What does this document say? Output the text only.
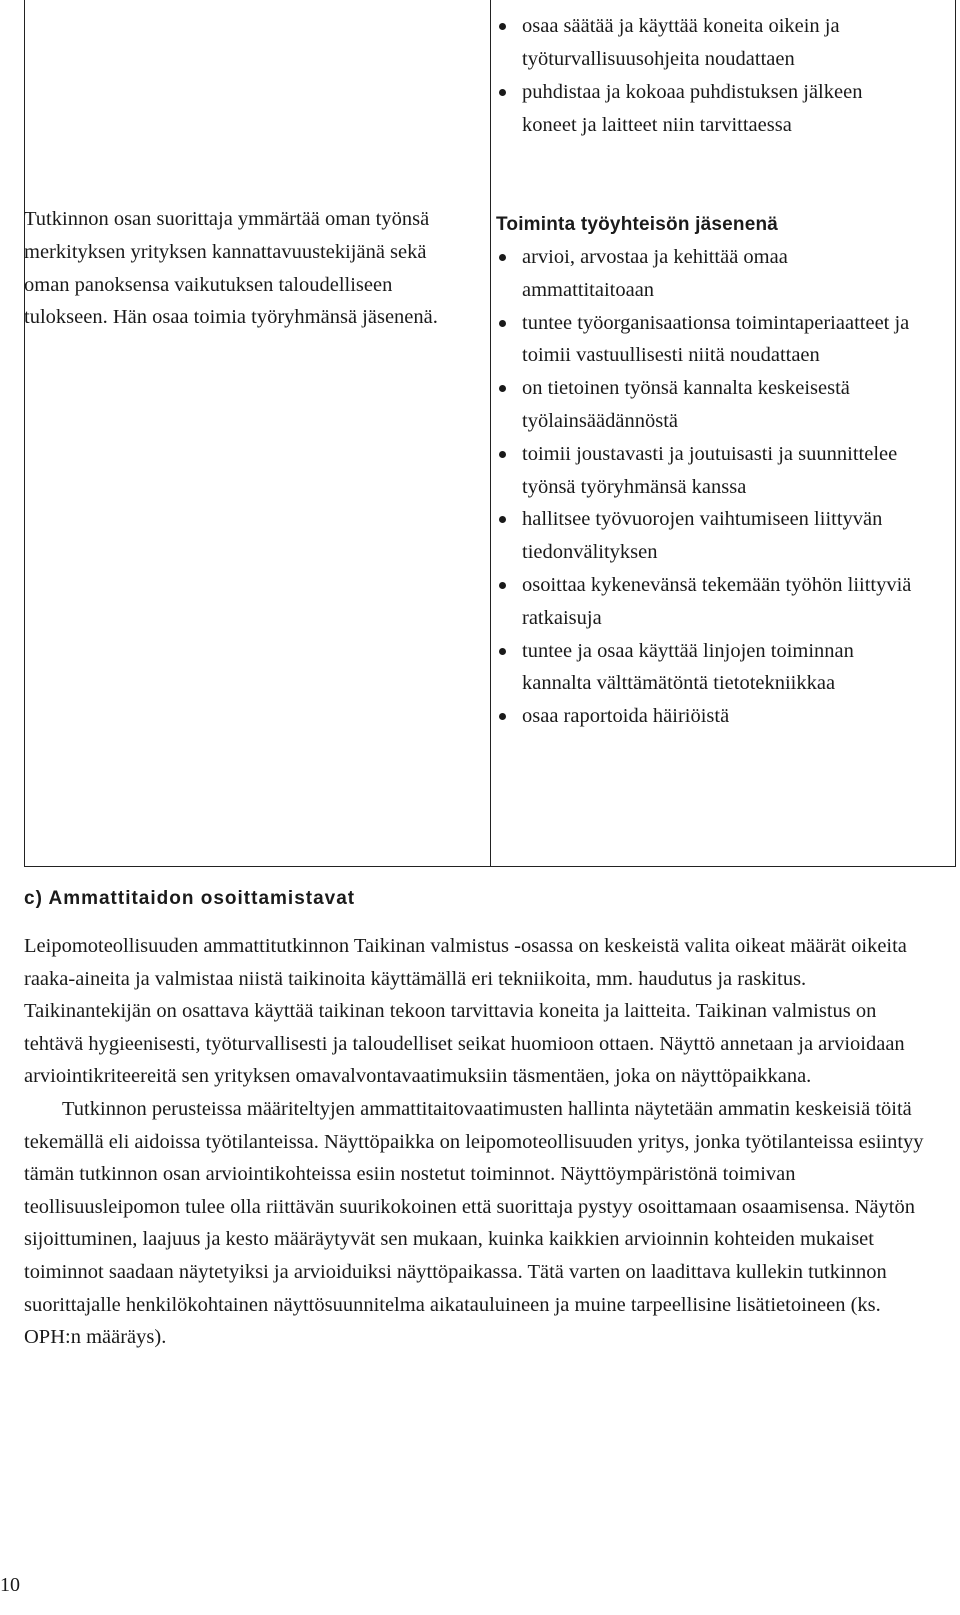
Tutkinnon osan suorittaja ymmärtää oman työnsä merkityksen yrityksen kannattavuustekijänä sekä oman panoksensa vaikutuksen taloudelliseen tulokseen. Hän osaa toimia työryhmänsä jäsenenä.

osaa säätää ja käyttää koneita oikein ja työturvallisuusohjeita noudattaen
puhdistaa ja kokoaa puhdistuksen jälkeen koneet ja laitteet niin tarvittaessa
Toiminta työyhteisön jäsenenä
arvioi, arvostaa ja kehittää omaa ammattitaitoaan
tuntee työorganisaationsa toimintaperiaatteet ja toimii vastuullisesti niitä noudattaen
on tietoinen työnsä kannalta keskeisestä työlainsäädännöstä
toimii joustavasti ja joutuisasti ja suunnittelee työnsä työryhmänsä kanssa
hallitsee työvuorojen vaihtumiseen liittyvän tiedonvälityksen
osoittaa kykenevänsä tekemään työhön liittyviä ratkaisuja
tuntee ja osaa käyttää linjojen toiminnan kannalta välttämätöntä tietotekniikkaa
osaa raportoida häiriöistä
c) Ammattitaidon osoittamistavat

Leipomoteollisuuden ammattitutkinnon Taikinan valmistus -osassa on keskeistä valita oikeat määrät oikeita raaka-aineita ja valmistaa niistä taikinoita käyttämällä eri tekniikoita, mm. haudutus ja raskitus. Taikinantekijän on osattava käyttää taikinan tekoon tarvittavia koneita ja laitteita. Taikinan valmistus on tehtävä hygieenisesti, työturvallisesti ja taloudelliset seikat huomioon ottaen. Näyttö annetaan ja arvioidaan arviointikriteereitä sen yrityksen omavalvontavaatimuksiin täsmentäen, joka on näyttöpaikkana.

Tutkinnon perusteissa määriteltyjen ammattitaitovaatimusten hallinta näytetään ammatin keskeisiä töitä tekemällä eli aidoissa työtilanteissa. Näyttöpaikka on leipomoteollisuuden yritys, jonka työtilanteissa esiintyy tämän tutkinnon osan arviointikohteissa esiin nostetut toiminnot. Näyttöympäristönä toimivan teollisuusleipomon tulee olla riittävän suurikokoinen että suorittaja pystyy osoittamaan osaamisensa. Näytön sijoittuminen, laajuus ja kesto määräytyvät sen mukaan, kuinka kaikkien arvioinnin kohteiden mukaiset toiminnot saadaan näytetyiksi ja arvioiduiksi näyttöpaikassa. Tätä varten on laadittava kullekin tutkinnon suorittajalle henkilökohtainen näyttösuunnitelma aikatauluineen ja muine tarpeellisine lisätietoineen (ks. OPH:n määräys).

10
